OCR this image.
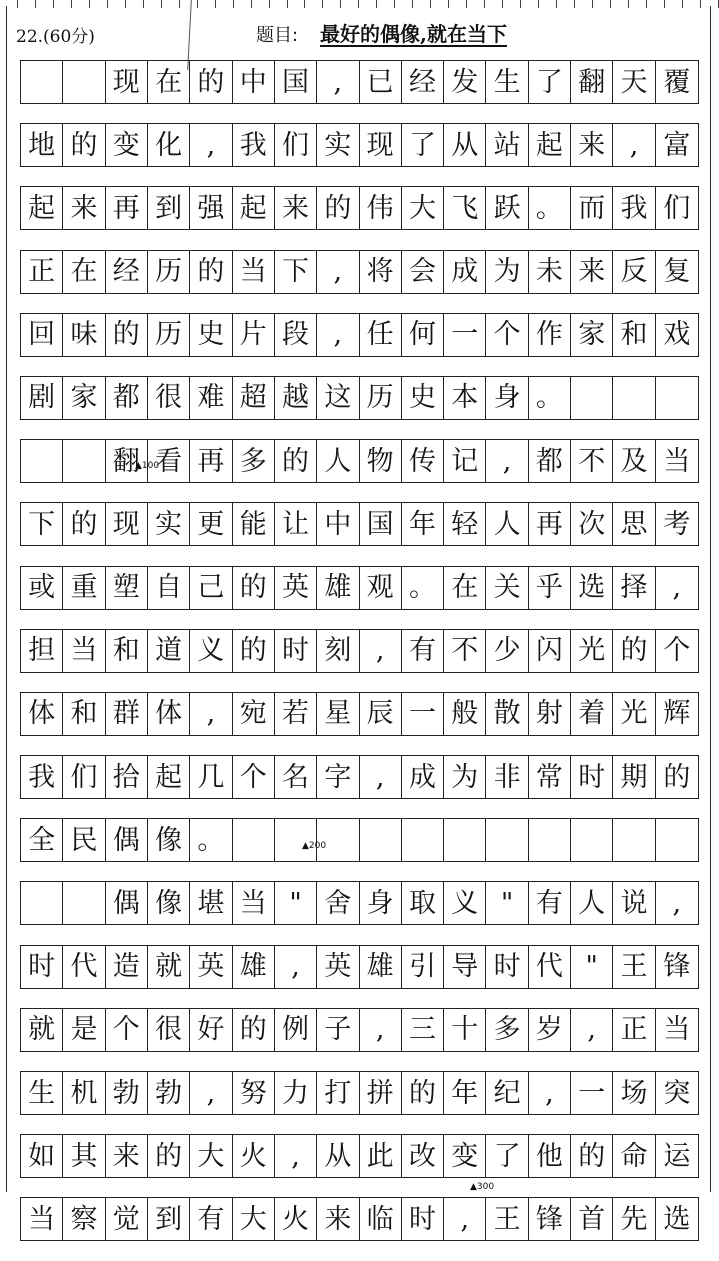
22.(60分)	题目: 最好的偶像,就在当下
现 在 的 中 国 , 已 经 发 生 了 翻 天 覆
地 的 变 化 , 我 们 实 现 了 从 站 起 来 , 富
起 来 再 到 强 起 来 的 伟 大 飞 跃 。 而 我 们
正 在 经 历 的 当 下 , 将 会 成 为 未 来 反 复
回 味 的 历 史 片 段 , 任 何 一 个 作 家 和 戏
剧 家 都 很 难 超 越 这 历 史 本 身 。
翻 看 再 多 的 人 物 传 记 , 都 不 及 当
下 的 现 实 更 能 让 中 国 年 轻 人 再 次 思 考
或 重 塑 自 己 的 英 雄 观 。 在 关 乎 选 择 ,
担 当 和 道 义 的 时 刻 , 有 不 少 闪 光 的 个
体 和 群 体 , 宛 若 星 辰 一 般 散 射 着 光 辉
我 们 拾 起 几 个 名 字 , 成 为 非 常 时 期 的
全 民 偶 像 。
偶 像 堪 当 " 舍 身 取 义 " 有 人 说 ,
时 代 造 就 英 雄 , 英 雄 引 导 时 代 " 王 锋
就 是 个 很 好 的 例 子 , 三 十 多 岁 , 正 当
生 机 勃 勃 , 努 力 打 拼 的 年 纪 , 一 场 突
如 其 来 的 大 火 , 从 此 改 变 了 他 的 命 运
当 察 觉 到 有 大 火 来 临 时 , 王 锋 首 先 选
▲100
▲200
▲300
